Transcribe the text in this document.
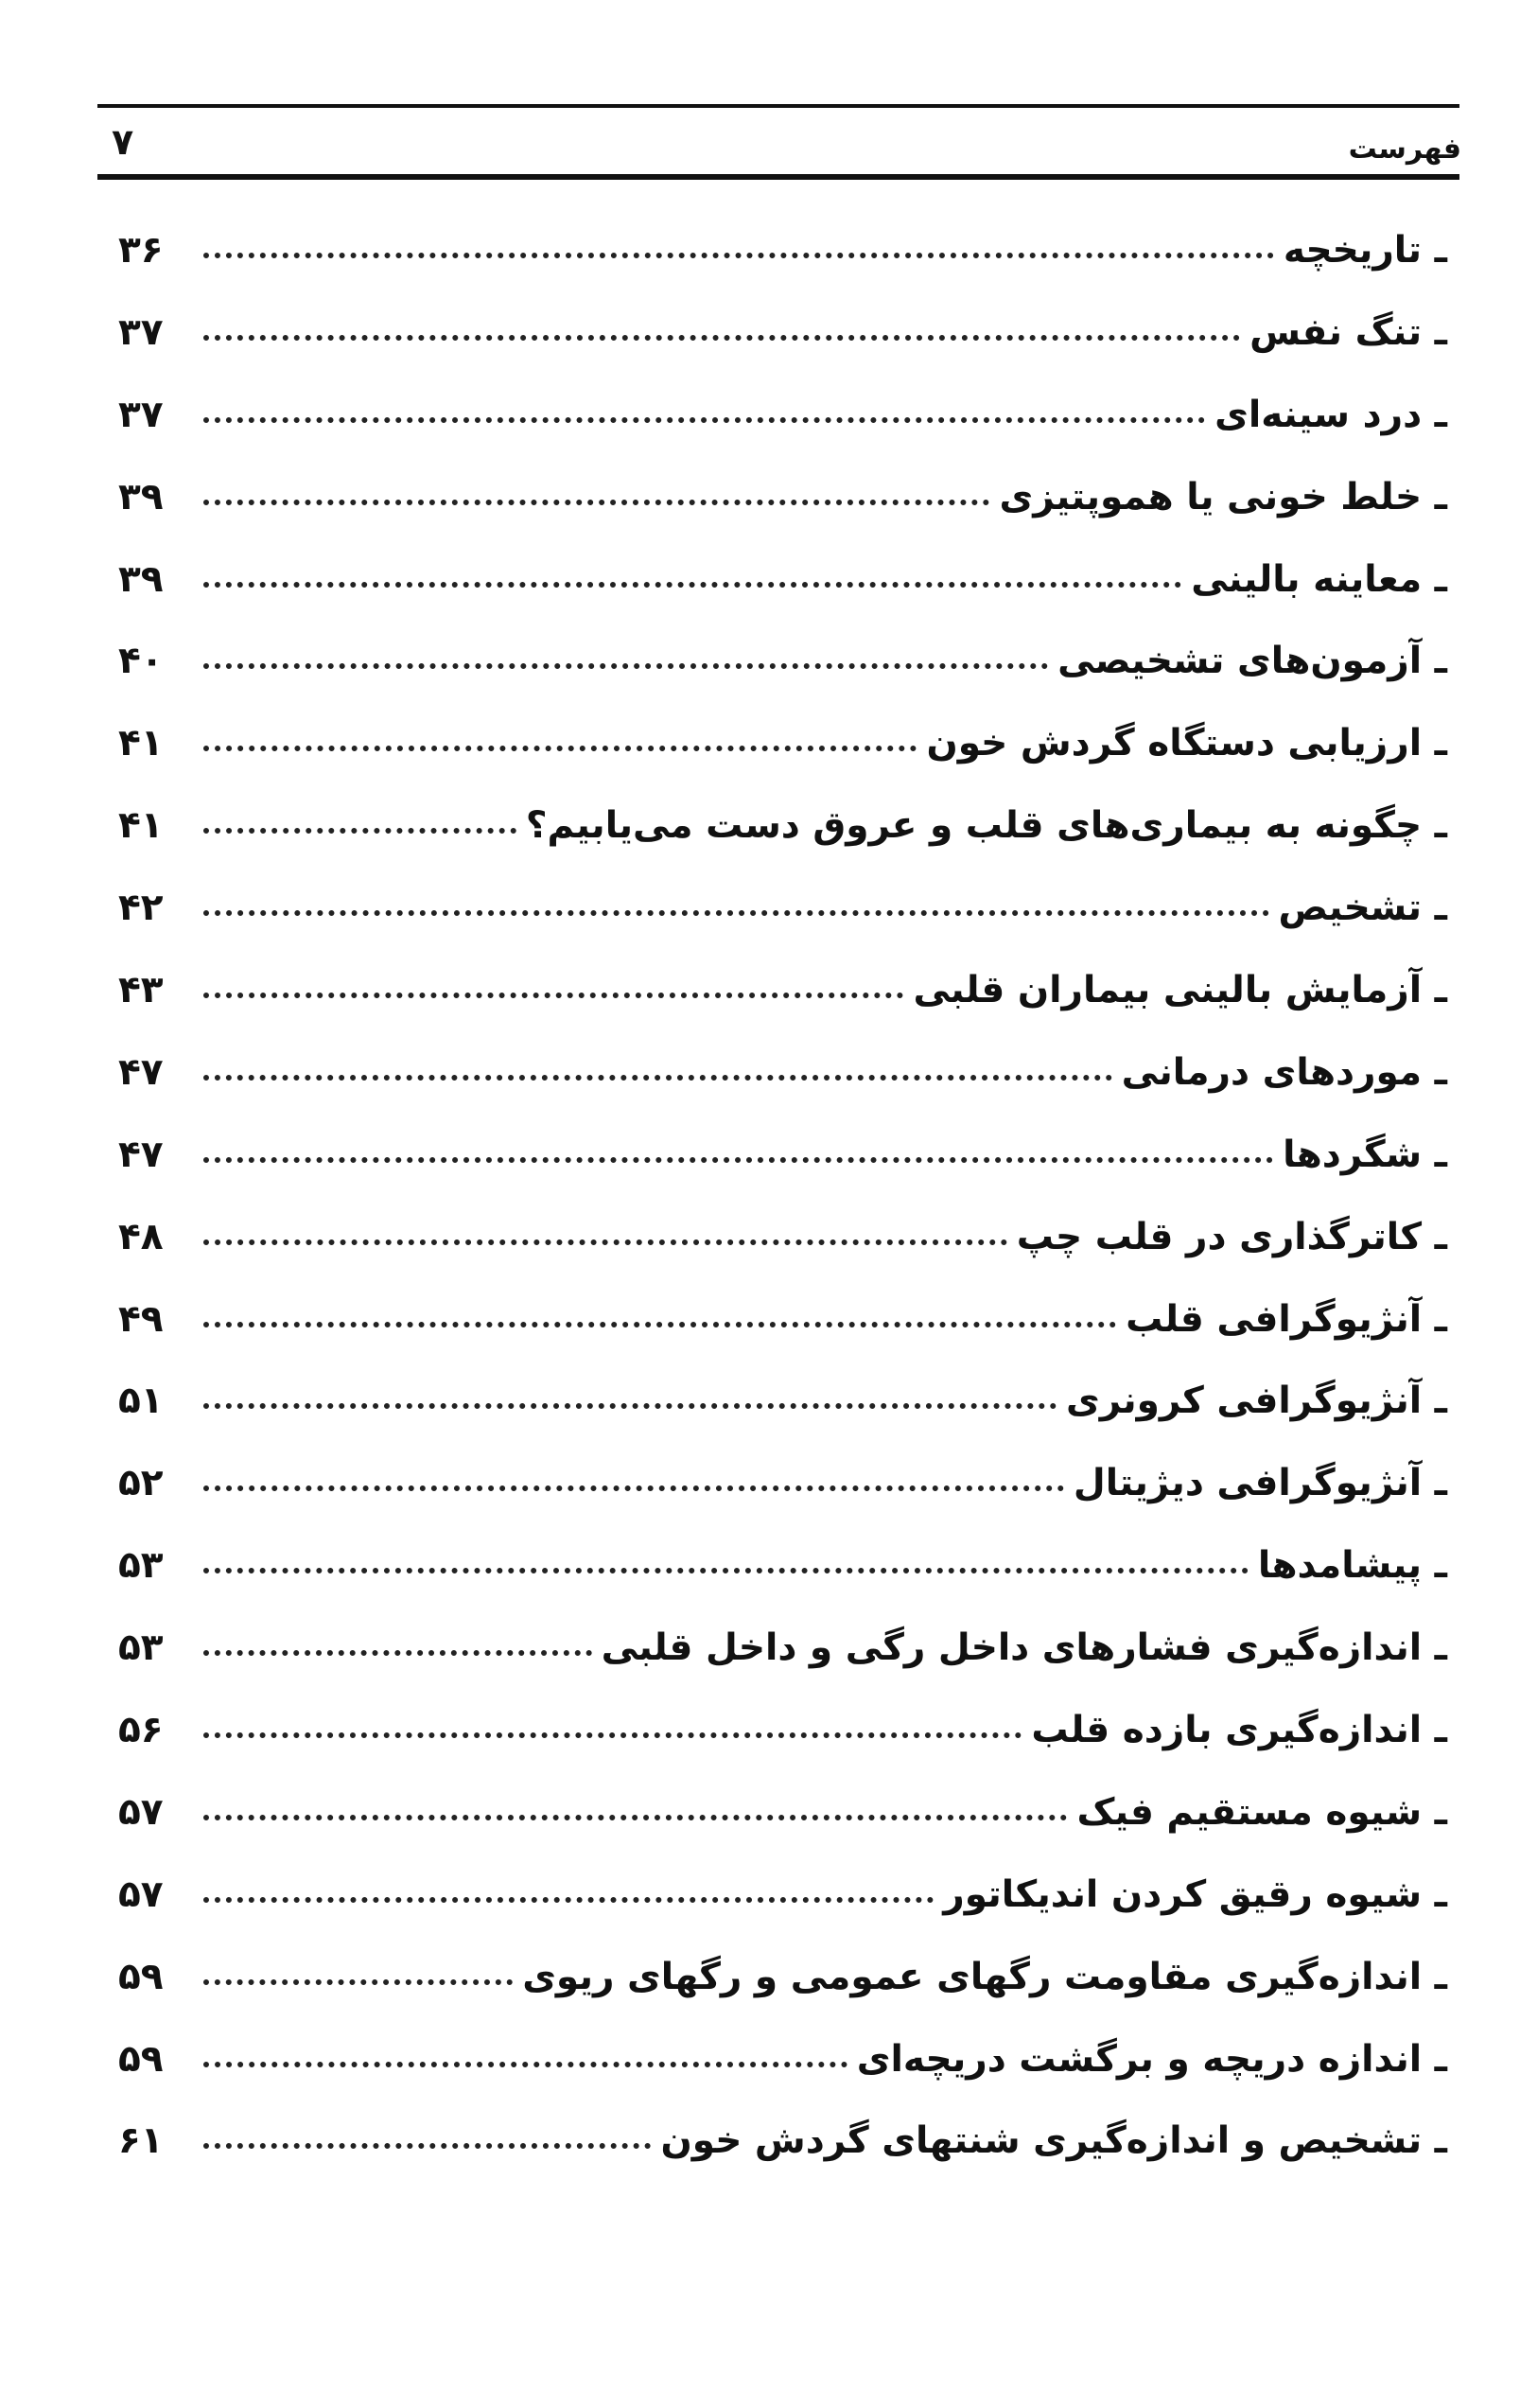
فهرست
۷
ـ تاریخچه
۳۶
ـ تنگ نفس
۳۷
ـ درد سینه‌ای
۳۷
ـ خلط خونی یا هموپتیزی
۳۹
ـ معاینه بالینی
۳۹
ـ آزمون‌های تشخیصی
۴۰
ـ ارزیابی دستگاه گردش خون
۴۱
ـ چگونه به بیماری‌های قلب و عروق دست می‌یابیم؟
۴۱
ـ تشخیص
۴۲
ـ آزمایش بالینی بیماران قلبی
۴۳
ـ موردهای درمانی
۴۷
ـ شگردها
۴۷
ـ کاترگذاری در قلب چپ
۴۸
ـ آنژیوگرافی قلب
۴۹
ـ آنژیوگرافی کرونری
۵۱
ـ آنژیوگرافی دیژیتال
۵۲
ـ پیشامدها
۵۳
ـ اندازه‌گیری فشارهای داخل رگی و داخل قلبی
۵۳
ـ اندازه‌گیری بازده قلب
۵۶
ـ شیوه مستقیم فیک
۵۷
ـ شیوه رقیق کردن اندیکاتور
۵۷
ـ اندازه‌گیری مقاومت رگهای عمومی و رگهای ریوی
۵۹
ـ اندازه دریچه و برگشت دریچه‌ای
۵۹
ـ تشخیص و اندازه‌گیری شنتهای گردش خون
۶۱
